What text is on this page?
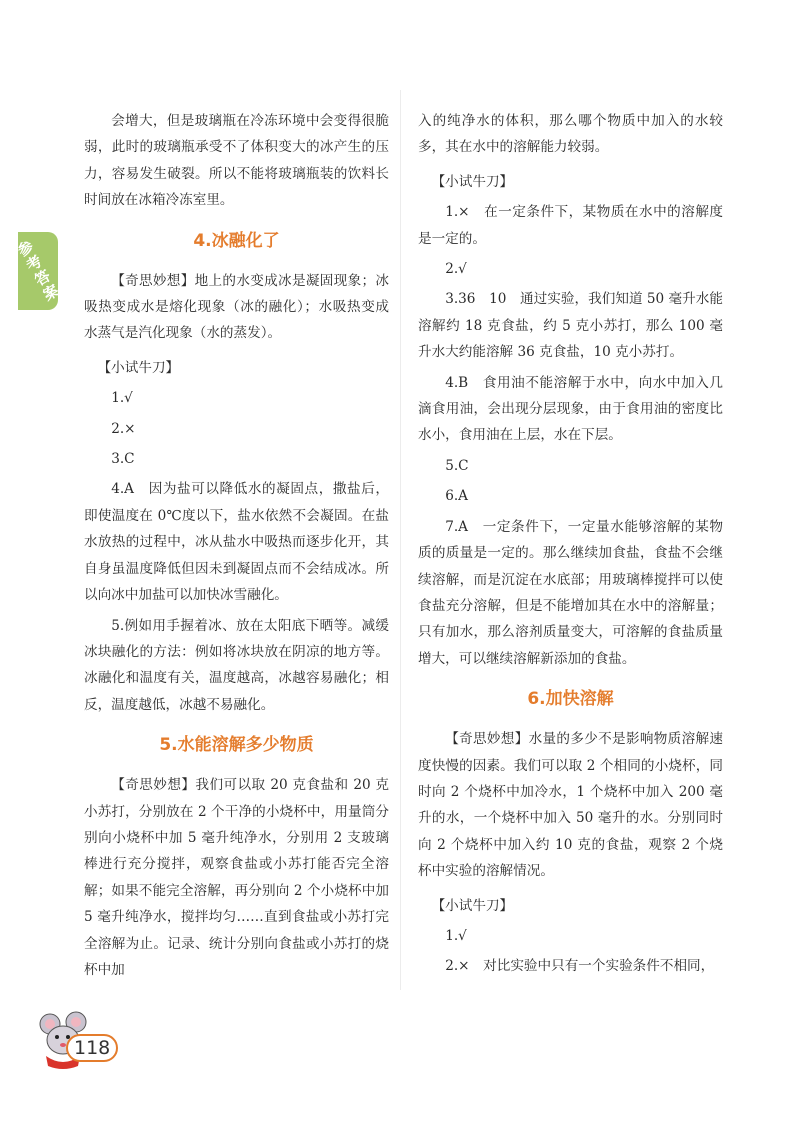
参考答案

会增大，但是玻璃瓶在冷冻环境中会变得很脆弱，此时的玻璃瓶承受不了体积变大的冰产生的压力，容易发生破裂。所以不能将玻璃瓶装的饮料长时间放在冰箱冷冻室里。

4.冰融化了

【奇思妙想】地上的水变成冰是凝固现象；冰吸热变成水是熔化现象（冰的融化）；水吸热变成水蒸气是汽化现象（水的蒸发）。

【小试牛刀】

1.√

2.×

3.C

4.A　因为盐可以降低水的凝固点，撒盐后，即使温度在 0℃度以下，盐水依然不会凝固。在盐水放热的过程中，冰从盐水中吸热而逐步化开，其自身虽温度降低但因未到凝固点而不会结成冰。所以向冰中加盐可以加快冰雪融化。

5.例如用手握着冰、放在太阳底下晒等。减缓冰块融化的方法：例如将冰块放在阴凉的地方等。冰融化和温度有关，温度越高，冰越容易融化；相反，温度越低，冰越不易融化。

5.水能溶解多少物质

【奇思妙想】我们可以取 20 克食盐和 20 克小苏打，分别放在 2 个干净的小烧杯中，用量筒分别向小烧杯中加 5 毫升纯净水，分别用 2 支玻璃棒进行充分搅拌，观察食盐或小苏打能否完全溶解；如果不能完全溶解，再分别向 2 个小烧杯中加 5 毫升纯净水，搅拌均匀……直到食盐或小苏打完全溶解为止。记录、统计分别向食盐或小苏打的烧杯中加

入的纯净水的体积，那么哪个物质中加入的水较多，其在水中的溶解能力较弱。

【小试牛刀】

1.×　在一定条件下，某物质在水中的溶解度是一定的。

2.√

3.36　10　通过实验，我们知道 50 毫升水能溶解约 18 克食盐，约 5 克小苏打，那么 100 毫升水大约能溶解 36 克食盐，10 克小苏打。

4.B　食用油不能溶解于水中，向水中加入几滴食用油，会出现分层现象，由于食用油的密度比水小，食用油在上层，水在下层。

5.C

6.A

7.A　一定条件下，一定量水能够溶解的某物质的质量是一定的。那么继续加食盐，食盐不会继续溶解，而是沉淀在水底部；用玻璃棒搅拌可以使食盐充分溶解，但是不能增加其在水中的溶解量；只有加水，那么溶剂质量变大，可溶解的食盐质量增大，可以继续溶解新添加的食盐。

6.加快溶解

【奇思妙想】水量的多少不是影响物质溶解速度快慢的因素。我们可以取 2 个相同的小烧杯，同时向 2 个烧杯中加冷水，1 个烧杯中加入 200 毫升的水，一个烧杯中加入 50 毫升的水。分别同时向 2 个烧杯中加入约 10 克的食盐，观察 2 个烧杯中实验的溶解情况。

【小试牛刀】

1.√

2.×　对比实验中只有一个实验条件不相同，

118
